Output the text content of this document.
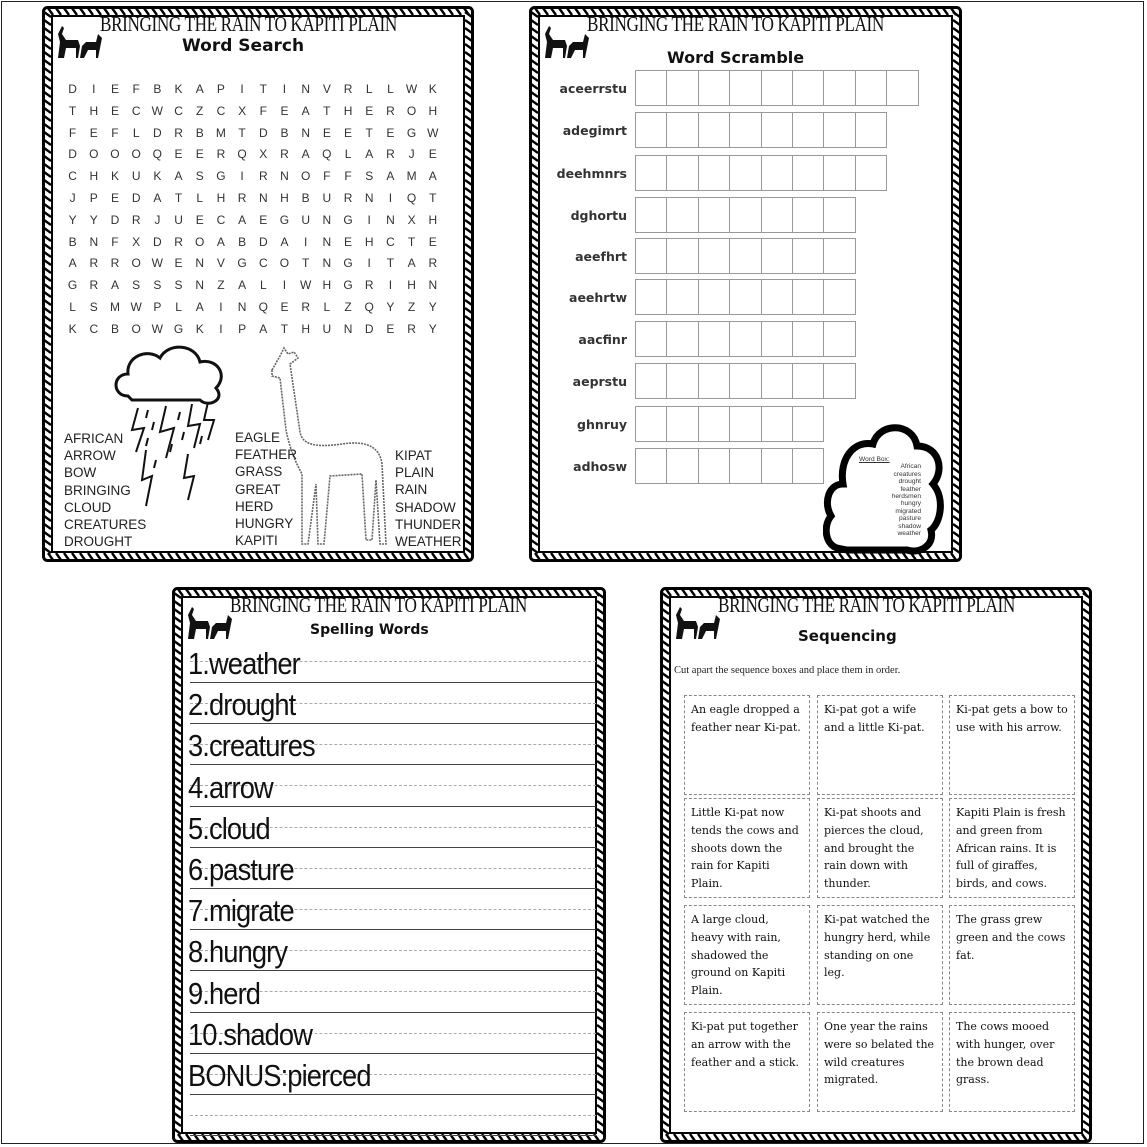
BRINGING THE RAIN TO KAPITI PLAIN
Word Search
D	I	E	F	B	K	A	P	I	T	I	N	V	R	L	L	W K
T	H	E	C W C	Z	C	X	F	E	A	T	H	E	R	O	H
F	E	F	L	D	R	B	M	T	D	B	N	E	E	T	E	G W
D	O O O Q	E	E	R	Q	X	R	A	Q	L	A	R	J	E
C	H	K	U	K	A	S	G	I	R	N	O	F	F	S	A	M	A
J	P	E	D	A	T	L	H	R	N	H	B	U	R	N	I	Q	T
Y	Y	D	R	J	U	E	C	A	E	G	U	N	G	I	N	X	H
B	N	F	X	D	R	O	A	B	D	A	I	N	E	H	C	T	E
A	R	R	O W E	N	V	G	C	O	T	N	G	I	T	A	R
G	R	A	S	S	S	N	Z	A	L	I	W H	G	R	I	H	N
L	S	M W P	L	A	I	N	Q	E	R	L	Z	Q	Y	Z	Y
K	C	B	O W G	K	I	P	A	T	H	U	N	D	E	R	Y
AFRICAN
ARROW
BOW
BRINGING
CLOUD
CREATURES
DROUGHT
EAGLE
FEATHER
GRASS
GREAT
HERD
HUNGRY
KAPITI
KIPAT
PLAIN
RAIN
SHADOW
THUNDER
WEATHER
BRINGING THE RAIN TO KAPITI PLAIN
Word Scramble
aceerrstu
adegimrt
deehmnrs
dghortu
aeefhrt
aeehrtw
aacfinr
aeprstu
ghnruy
adhosw	Word Box:
African
creatures
drought
feather
herdsmen
hungry
migrated
pasture
shadow
weather
BRINGING THE RAIN TO KAPITI PLAIN
Spelling Words
1.weather
2.drought
3.creatures
4.arrow
5.cloud
6.pasture
7.migrate
8.hungry
9.herd
10.shadow
BONUS:pierced
BRINGING THE RAIN TO KAPITI PLAIN
Sequencing
Cut apart the sequence boxes and place them in order.
An eagle dropped a feather near Ki-pat.
Ki-pat got a wife and a little Ki-pat.
Ki-pat gets a bow to use with his arrow.
Little Ki-pat now tends the cows and shoots down the rain for Kapiti Plain.
Ki-pat shoots and pierces the cloud, and brought the rain down with thunder.
Kapiti Plain is fresh and green from African rains. It is full of giraffes, birds, and cows.
A large cloud, heavy with rain, shadowed the ground on Kapiti Plain.
Ki-pat watched the hungry herd, while standing on one leg.
The grass grew green and the cows fat.
Ki-pat put together an arrow with the feather and a stick.
One year the rains were so belated the wild creatures migrated.
The cows mooed with hunger, over the brown dead grass.
